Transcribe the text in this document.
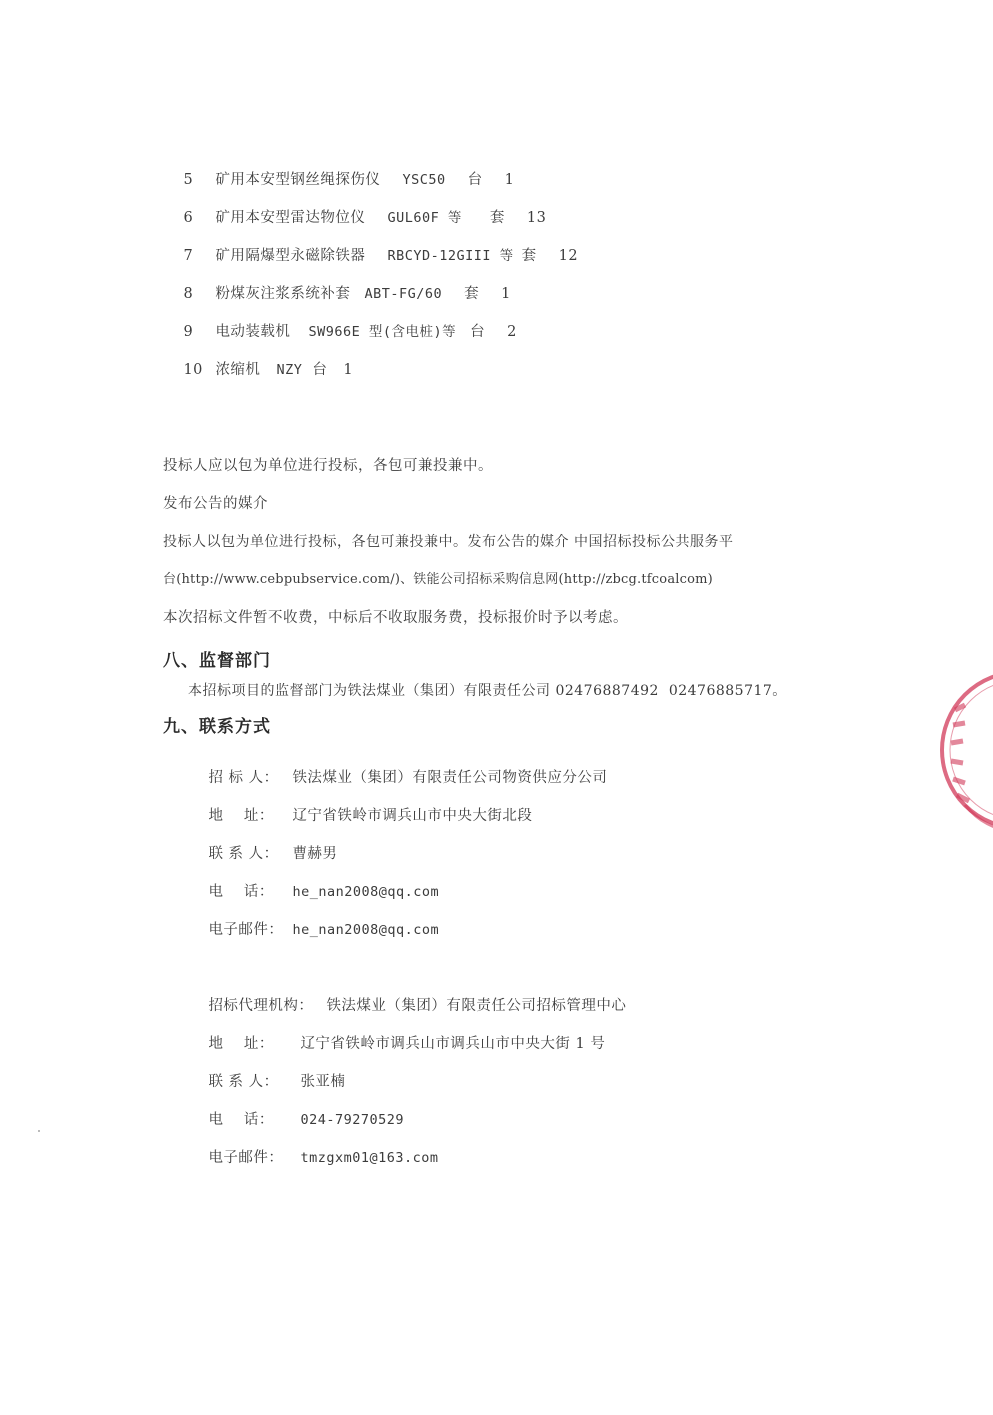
5 矿用本安型钢丝绳探伤仪 YSC50 台 1

6 矿用本安型雷达物位仪 GUL60F 等 套 13

7 矿用隔爆型永磁除铁器 RBCYD-12GIII 等 套 12

8 粉煤灰注浆系统补套 ABT-FG/60 套 1

9 电动装载机 SW966E 型(含电桩)等 台 2

10 浓缩机 NZY 台 1

投标人应以包为单位进行投标，各包可兼投兼中。
发布公告的媒介
投标人以包为单位进行投标，各包可兼投兼中。发布公告的媒介 中国招标投标公共服务平
台(http://www.cebpubservice.com/)、铁能公司招标采购信息网(http://zbcg.tfcoalcom)
本次招标文件暂不收费，中标后不收取服务费，投标报价时予以考虑。
八、监督部门
本招标项目的监督部门为铁法煤业（集团）有限责任公司 02476887492  02476885717。
九、联系方式

招 标 人： 铁法煤业（集团）有限责任公司物资供应分公司

地    址： 辽宁省铁岭市调兵山市中央大街北段

联 系 人： 曹赫男

电    话： he_nan2008@qq.com

电子邮件： he_nan2008@qq.com

招标代理机构： 铁法煤业（集团）有限责任公司招标管理中心

地    址： 辽宁省铁岭市调兵山市调兵山市中央大街 1 号

联 系 人： 张亚楠

电    话： 024-79270529

电子邮件： tmzgxm01@163.com
